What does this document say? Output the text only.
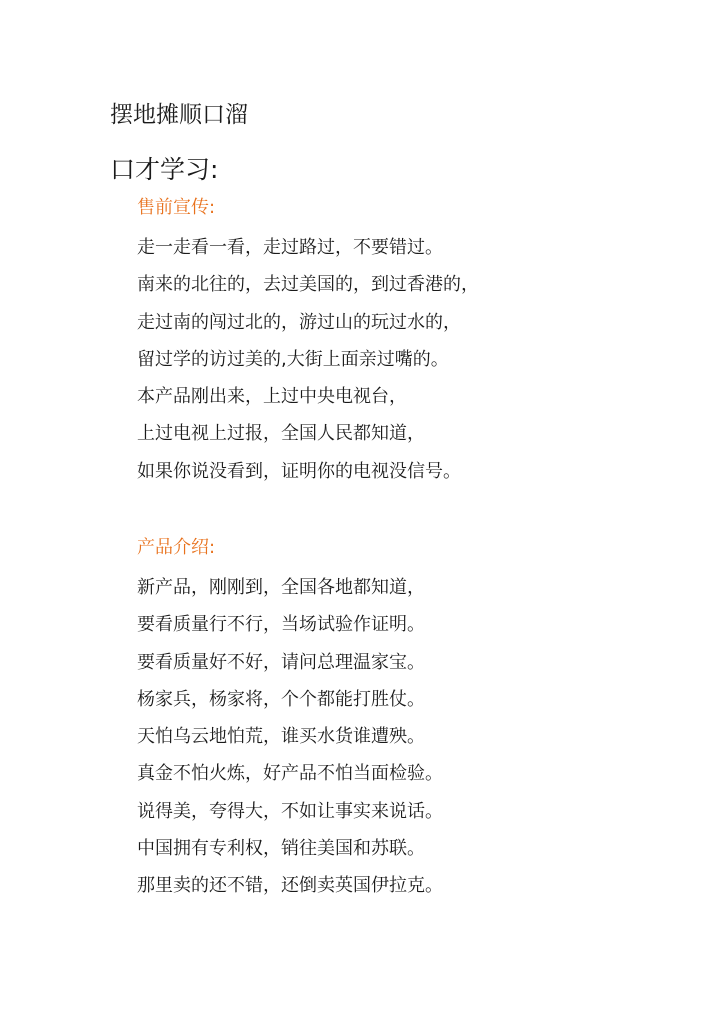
摆地摊顺口溜
口才学习:
售前宣传:
走一走看一看，走过路过，不要错过。
南来的北往的，去过美国的，到过香港的，
走过南的闯过北的，游过山的玩过水的，
留过学的访过美的,大街上面亲过嘴的。
本产品刚出来，上过中央电视台，
上过电视上过报，全国人民都知道，
如果你说没看到，证明你的电视没信号。
产品介绍:
新产品，刚刚到，全国各地都知道，
要看质量行不行，当场试验作证明。
要看质量好不好，请问总理温家宝。
杨家兵，杨家将，个个都能打胜仗。
天怕乌云地怕荒，谁买水货谁遭殃。
真金不怕火炼，好产品不怕当面检验。
说得美，夸得大，不如让事实来说话。
中国拥有专利权，销往美国和苏联。
那里卖的还不错，还倒卖英国伊拉克。
